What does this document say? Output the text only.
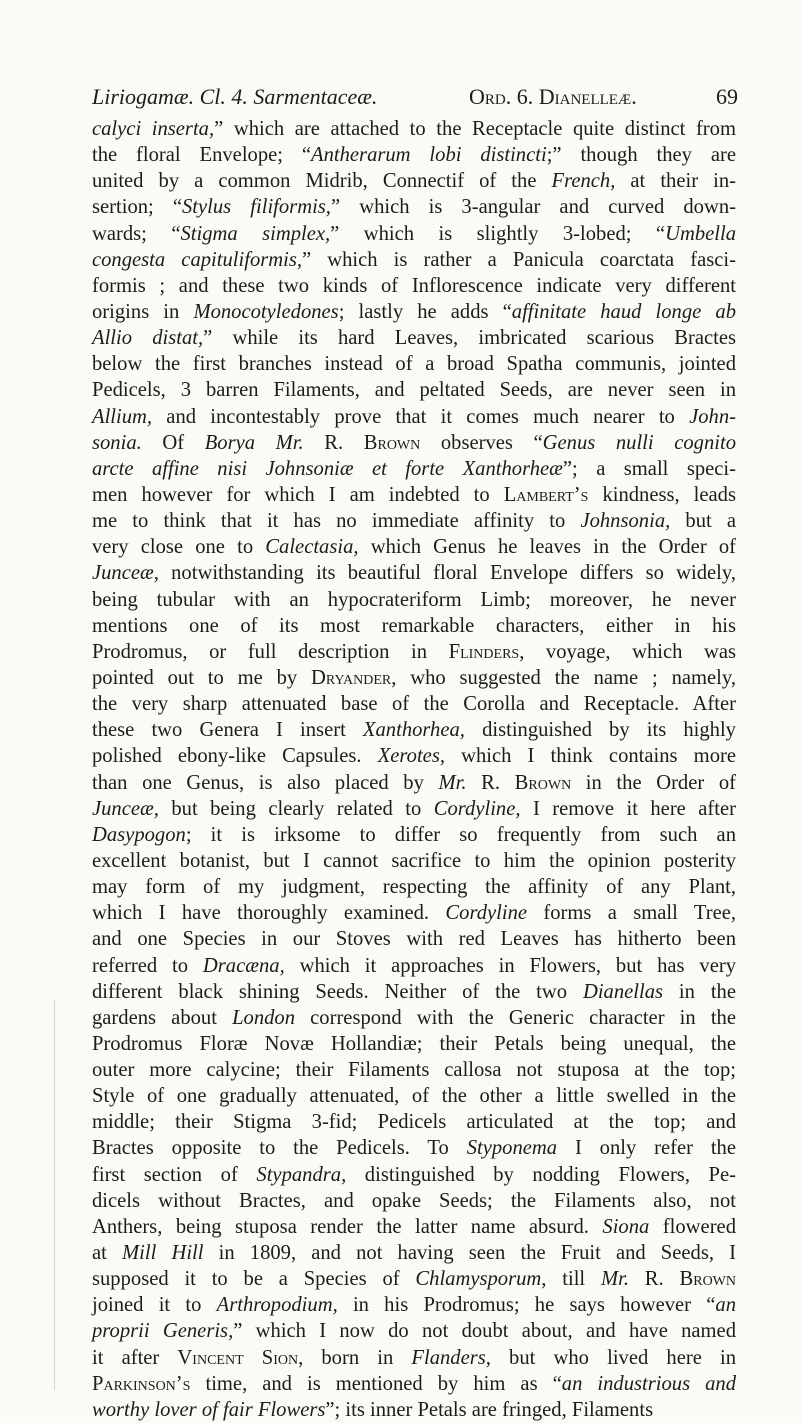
Liriogamæ. Cl. 4. Sarmentaceæ.	Ord. 6. Dianelleæ.	69
calyci inserta,” which are attached to the Receptacle quite distinct from
the floral Envelope; “Antherarum lobi distincti;” though they are
united by a common Midrib, Connectif of the French, at their in-
sertion; “Stylus filiformis,” which is 3-angular and curved down-
wards; “Stigma simplex,” which is slightly 3-lobed; “Umbella
congesta capituliformis,” which is rather a Panicula coarctata fasci-
formis ; and these two kinds of Inflorescence indicate very different
origins in Monocotyledones; lastly he adds “affinitate haud longe ab
Allio distat,” while its hard Leaves, imbricated scarious Bractes
below the first branches instead of a broad Spatha communis, jointed
Pedicels, 3 barren Filaments, and peltated Seeds, are never seen in
Allium, and incontestably prove that it comes much nearer to John-
sonia. Of Borya Mr. R. Brown observes “Genus nulli cognito
arcte affine nisi Johnsoniæ et forte Xanthorheæ”; a small speci-
men however for which I am indebted to Lambert’s kindness, leads
me to think that it has no immediate affinity to Johnsonia, but a
very close one to Calectasia, which Genus he leaves in the Order of
Junceæ, notwithstanding its beautiful floral Envelope differs so widely,
being tubular with an hypocrateriform Limb; moreover, he never
mentions one of its most remarkable characters, either in his
Prodromus, or full description in Flinders, voyage, which was
pointed out to me by Dryander, who suggested the name ; namely,
the very sharp attenuated base of the Corolla and Receptacle. After
these two Genera I insert Xanthorhea, distinguished by its highly
polished ebony-like Capsules. Xerotes, which I think contains more
than one Genus, is also placed by Mr. R. Brown in the Order of
Junceæ, but being clearly related to Cordyline, I remove it here after
Dasypogon; it is irksome to differ so frequently from such an
excellent botanist, but I cannot sacrifice to him the opinion posterity
may form of my judgment, respecting the affinity of any Plant,
which I have thoroughly examined. Cordyline forms a small Tree,
and one Species in our Stoves with red Leaves has hitherto been
referred to Dracæna, which it approaches in Flowers, but has very
different black shining Seeds. Neither of the two Dianellas in the
gardens about London correspond with the Generic character in the
Prodromus Floræ Novæ Hollandiæ; their Petals being unequal, the
outer more calycine; their Filaments callosa not stuposa at the top;
Style of one gradually attenuated, of the other a little swelled in the
middle; their Stigma 3-fid; Pedicels articulated at the top; and
Bractes opposite to the Pedicels. To Styponema I only refer the
first section of Stypandra, distinguished by nodding Flowers, Pe-
dicels without Bractes, and opake Seeds; the Filaments also, not
Anthers, being stuposa render the latter name absurd. Siona flowered
at Mill Hill in 1809, and not having seen the Fruit and Seeds, I
supposed it to be a Species of Chlamysporum, till Mr. R. Brown
joined it to Arthropodium, in his Prodromus; he says however “an
proprii Generis,” which I now do not doubt about, and have named
it after Vincent Sion, born in Flanders, but who lived here in
Parkinson’s time, and is mentioned by him as “an industrious and
worthy lover of fair Flowers”; its inner Petals are fringed, Filaments
